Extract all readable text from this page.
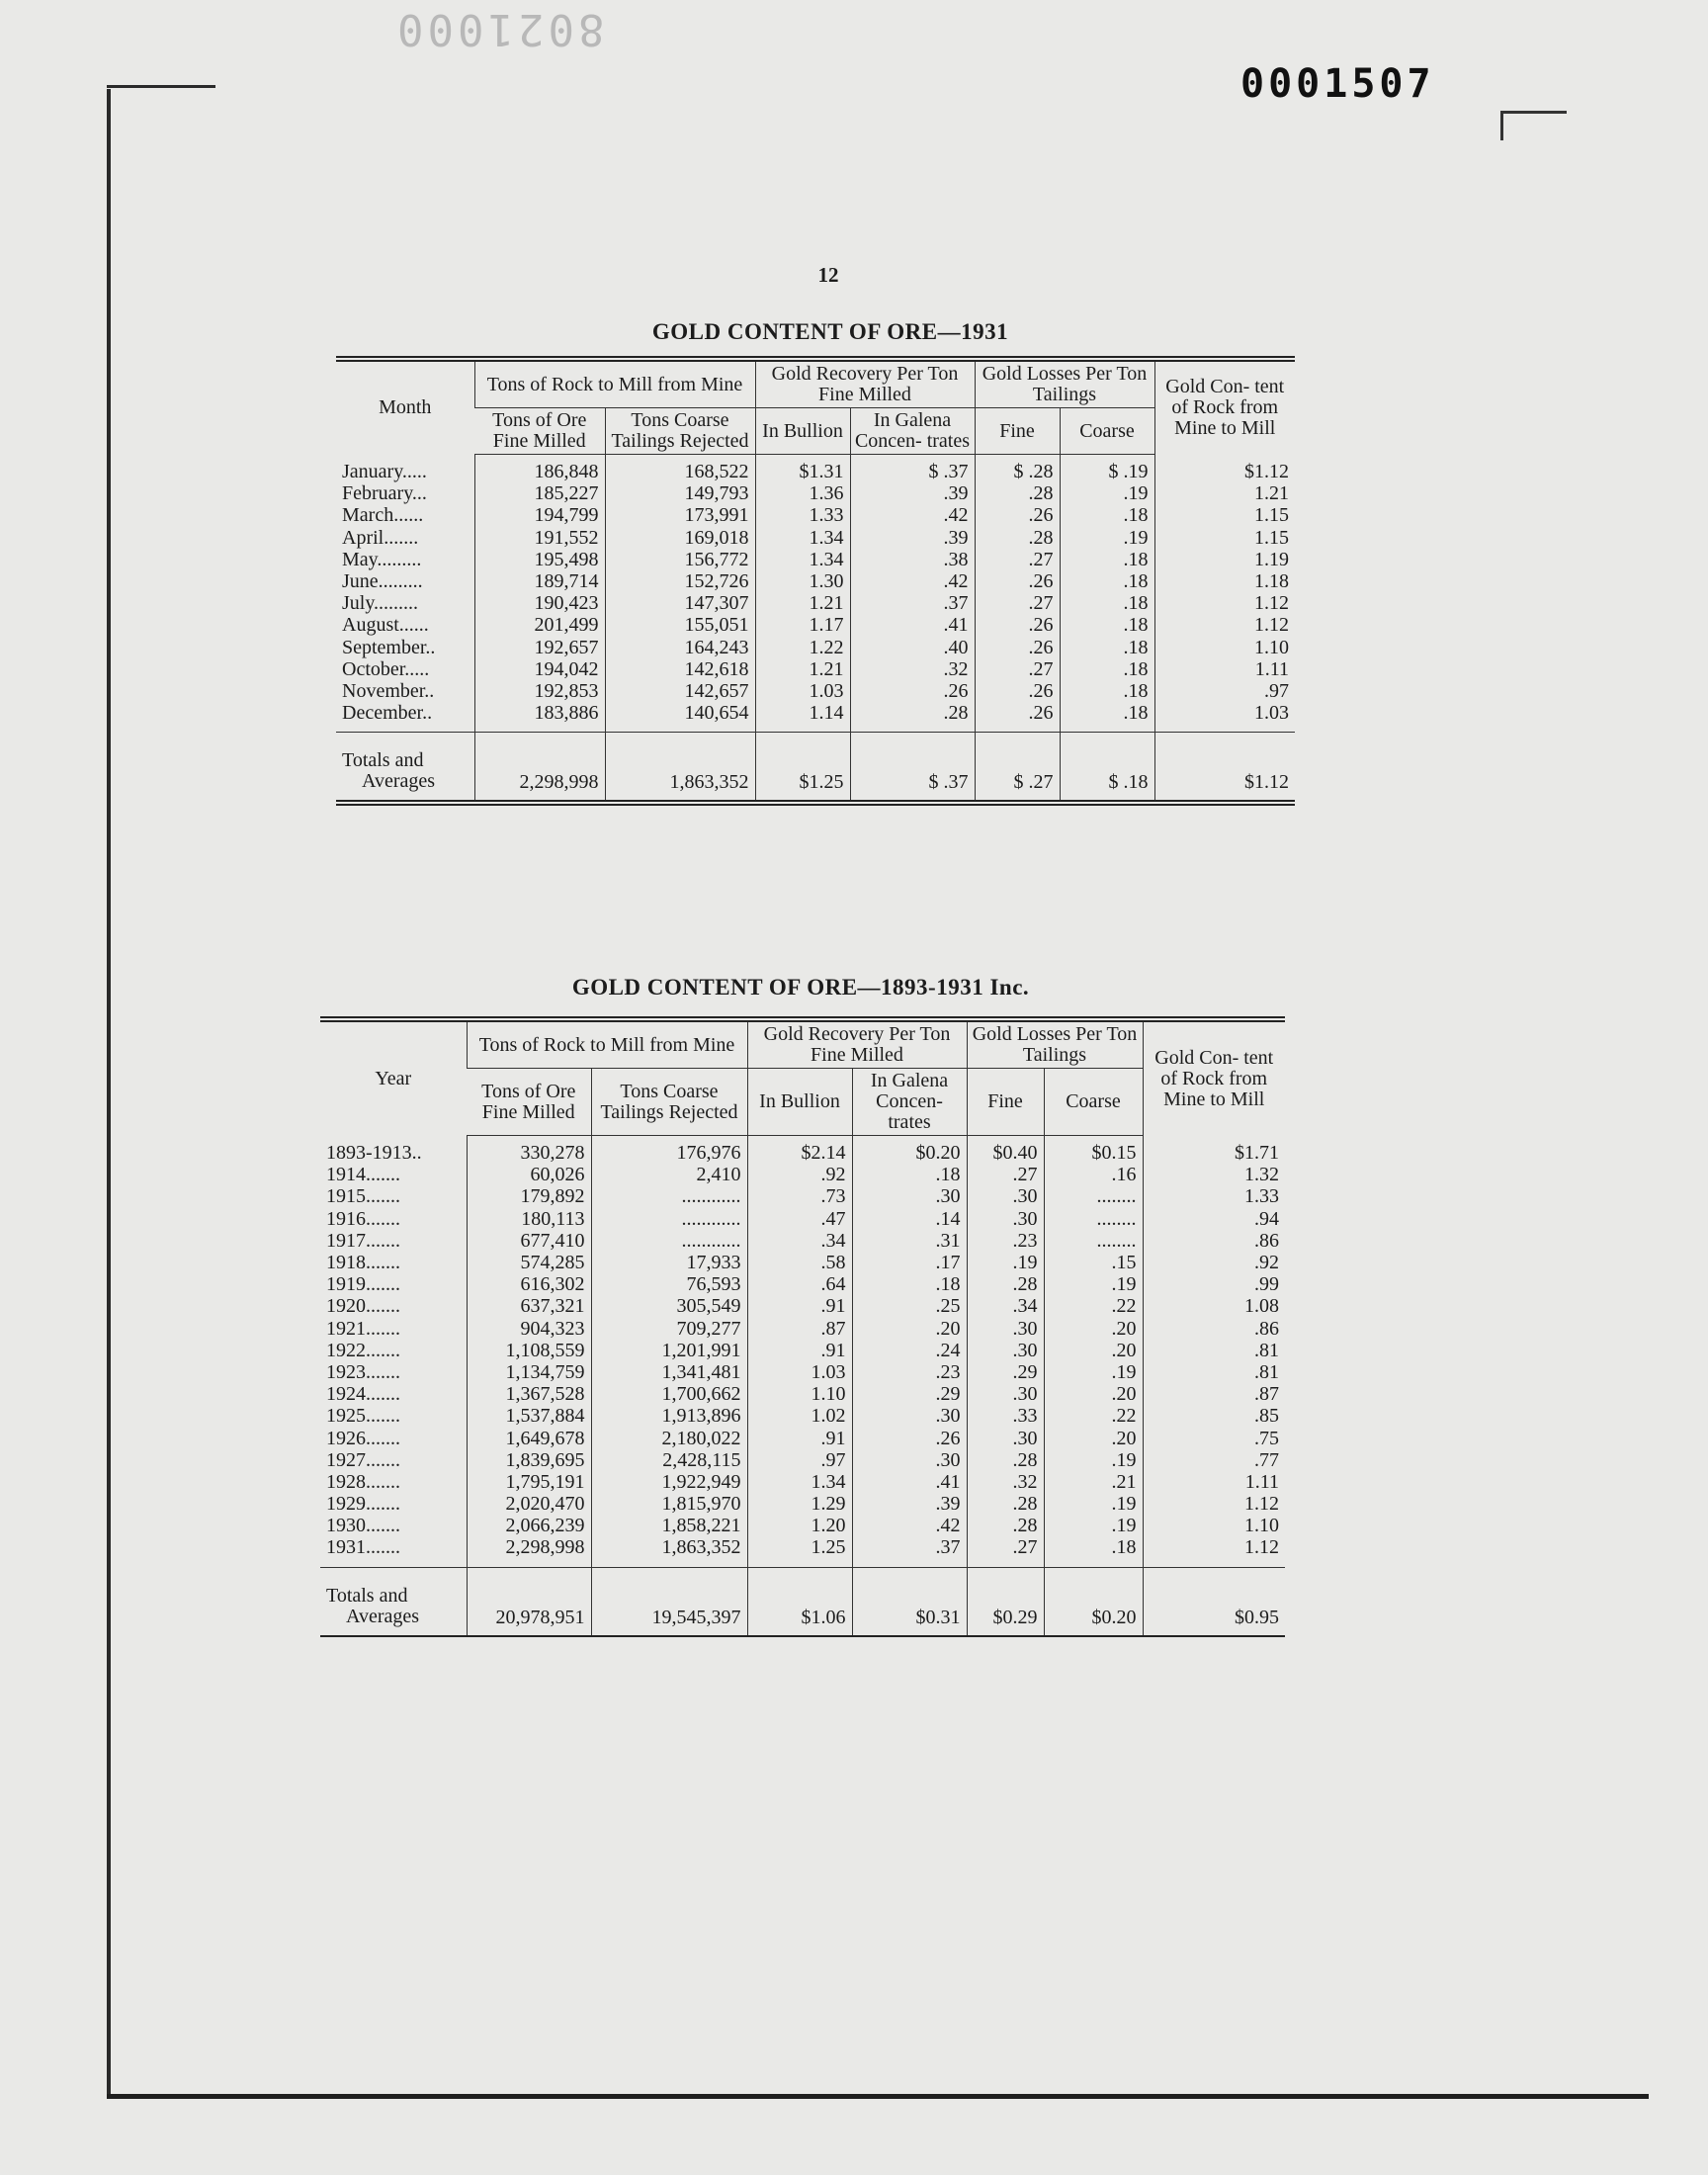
8021000
0001507
12
GOLD CONTENT OF ORE—1931
Month	Tons of Rock to Mill from Mine		Gold Recovery Per Ton Fine Milled		Gold Losses Per Ton Tailings		Gold Con- tent of Rock from Mine to Mill
	Tons of Ore Fine Milled	Tons Coarse Tailings Rejected	In Bullion	In Galena Concen- trates	Fine	Coarse	
January.....	186,848	168,522	$1.31	$ .37	$ .28	$ .19	$1.12
February...	185,227	149,793	1.36	.39	.28	.19	1.21
March......	194,799	173,991	1.33	.42	.26	.18	1.15
April.......	191,552	169,018	1.34	.39	.28	.19	1.15
May.........	195,498	156,772	1.34	.38	.27	.18	1.19
June.........	189,714	152,726	1.30	.42	.26	.18	1.18
July.........	190,423	147,307	1.21	.37	.27	.18	1.12
August......	201,499	155,051	1.17	.41	.26	.18	1.12
September..	192,657	164,243	1.22	.40	.26	.18	1.10
October.....	194,042	142,618	1.21	.32	.27	.18	1.11
November..	192,853	142,657	1.03	.26	.26	.18	.97
December..	183,886	140,654	1.14	.28	.26	.18	1.03

Totals and
Averages	2,298,998	1,863,352	$1.25	$ .37	$ .27	$ .18	$1.12
GOLD CONTENT OF ORE—1893-1931 Inc.
Year	Tons of Rock to Mill from Mine		Gold Recovery Per Ton Fine Milled		Gold Losses Per Ton Tailings		Gold Con- tent of Rock from Mine to Mill
	Tons of Ore Fine Milled	Tons Coarse Tailings Rejected	In Bullion	In Galena Concen- trates	Fine	Coarse	
1893-1913..	330,278	176,976	$2.14	$0.20	$0.40	$0.15	$1.71
1914.......	60,026	2,410	.92	.18	.27	.16	1.32
1915.......	179,892	............	.73	.30	.30	........	1.33
1916.......	180,113	............	.47	.14	.30	........	.94
1917.......	677,410	............	.34	.31	.23	........	.86
1918.......	574,285	17,933	.58	.17	.19	.15	.92
1919.......	616,302	76,593	.64	.18	.28	.19	.99
1920.......	637,321	305,549	.91	.25	.34	.22	1.08
1921.......	904,323	709,277	.87	.20	.30	.20	.86
1922.......	1,108,559	1,201,991	.91	.24	.30	.20	.81
1923.......	1,134,759	1,341,481	1.03	.23	.29	.19	.81
1924.......	1,367,528	1,700,662	1.10	.29	.30	.20	.87
1925.......	1,537,884	1,913,896	1.02	.30	.33	.22	.85
1926.......	1,649,678	2,180,022	.91	.26	.30	.20	.75
1927.......	1,839,695	2,428,115	.97	.30	.28	.19	.77
1928.......	1,795,191	1,922,949	1.34	.41	.32	.21	1.11
1929.......	2,020,470	1,815,970	1.29	.39	.28	.19	1.12
1930.......	2,066,239	1,858,221	1.20	.42	.28	.19	1.10
1931.......	2,298,998	1,863,352	1.25	.37	.27	.18	1.12

Totals and
Averages	20,978,951	19,545,397	$1.06	$0.31	$0.29	$0.20	$0.95
